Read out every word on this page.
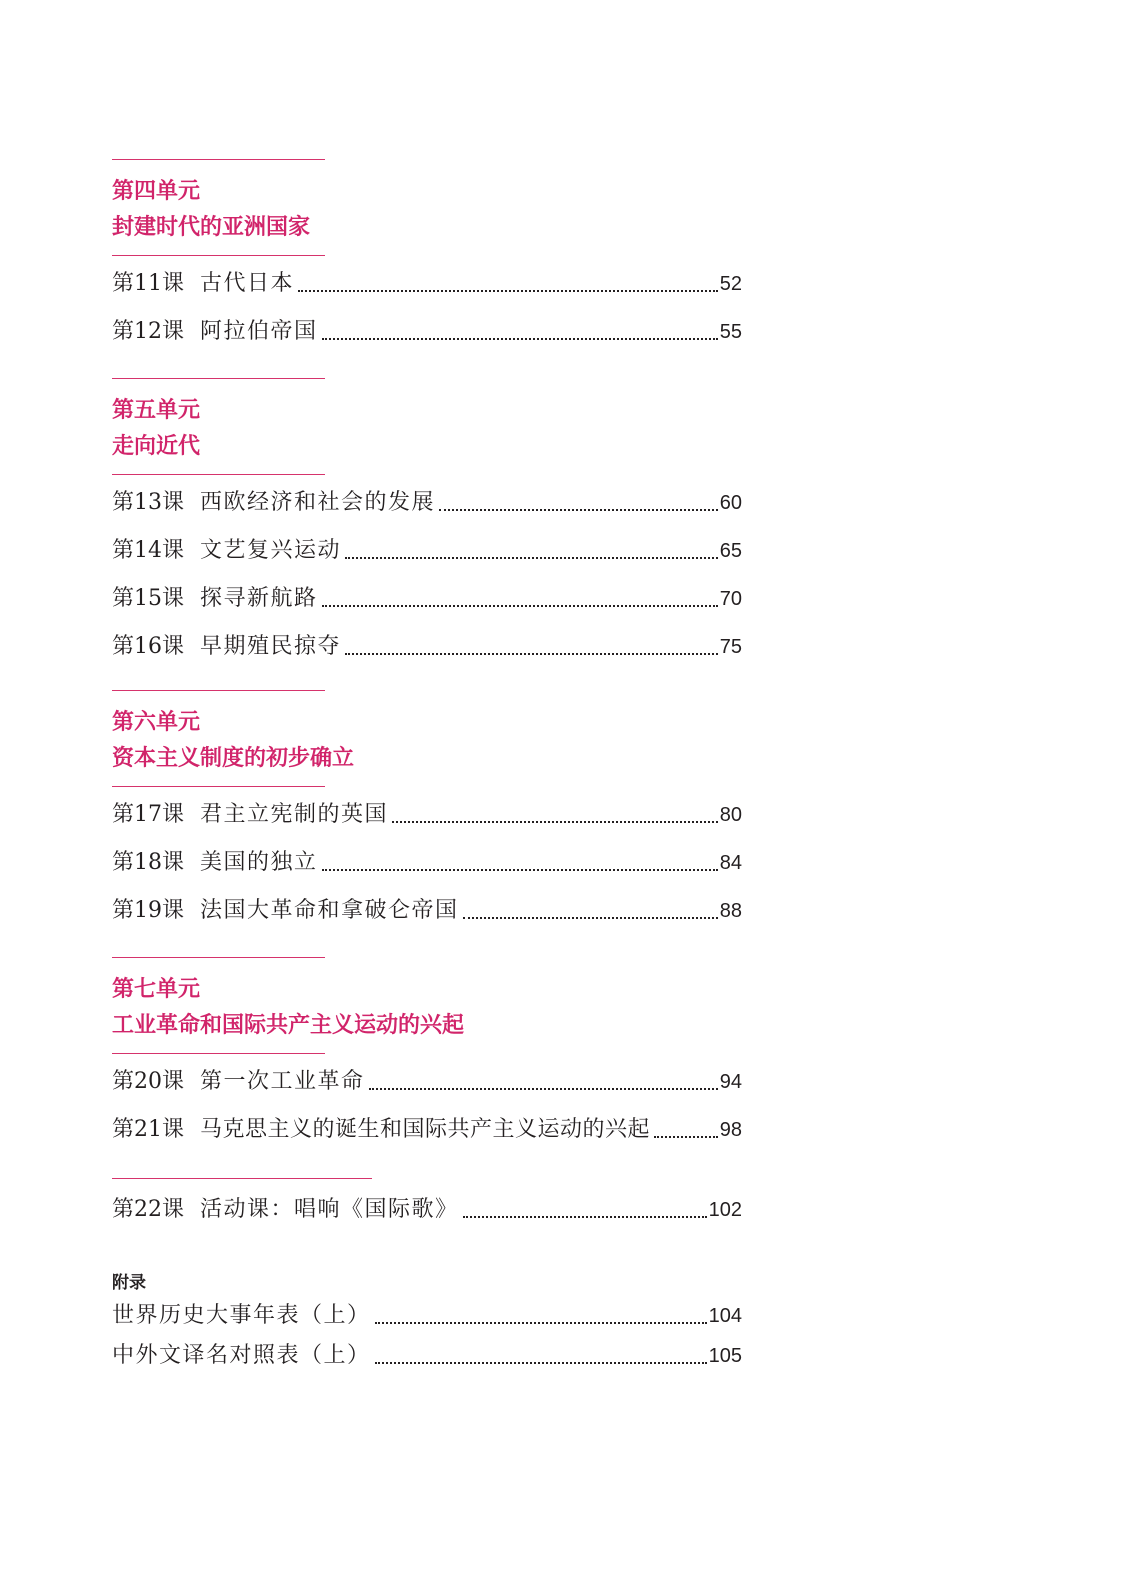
第四单元
封建时代的亚洲国家
第11课 古代日本	52
第12课 阿拉伯帝国	55
第五单元
走向近代
第13课 西欧经济和社会的发展	60
第14课 文艺复兴运动	65
第15课 探寻新航路	70
第16课 早期殖民掠夺	75
第六单元
资本主义制度的初步确立
第17课 君主立宪制的英国	80
第18课 美国的独立	84
第19课 法国大革命和拿破仑帝国	88
第七单元
工业革命和国际共产主义运动的兴起
第20课 第一次工业革命	94
第21课 马克思主义的诞生和国际共产主义运动的兴起	98
第22课 活动课：唱响《国际歌》	102
附录
世界历史大事年表（上）	104
中外文译名对照表（上）	105
